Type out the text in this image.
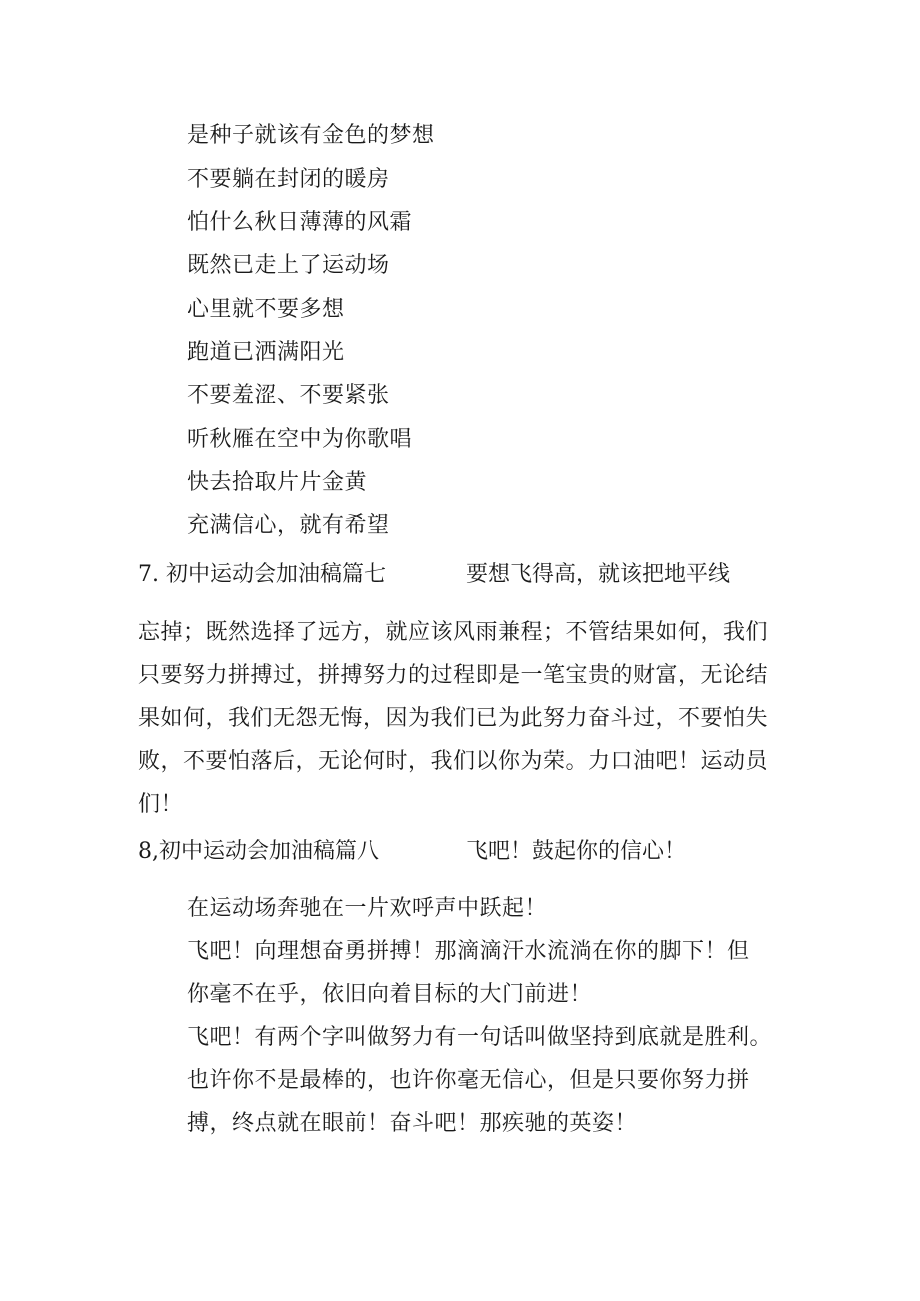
是种子就该有金色的梦想
不要躺在封闭的暖房
怕什么秋日薄薄的风霜
既然已走上了运动场
心里就不要多想
跑道已洒满阳光
不要羞涩、不要紧张
听秋雁在空中为你歌唱
快去拾取片片金黄
充满信心，就有希望
7. 初中运动会加油稿篇七	要想飞得高，就该把地平线
忘掉；既然选择了远方，就应该风雨兼程；不管结果如何，我们
只要努力拼搏过，拼搏努力的过程即是一笔宝贵的财富，无论结
果如何，我们无怨无悔，因为我们已为此努力奋斗过，不要怕失
败，不要怕落后，无论何时，我们以你为荣。力口油吧！运动员
们！
8,初中运动会加油稿篇八	飞吧！鼓起你的信心！
在运动场奔驰在一片欢呼声中跃起！
飞吧！向理想奋勇拼搏！那滴滴汗水流淌在你的脚下！但
你毫不在乎，依旧向着目标的大门前进！
飞吧！有两个字叫做努力有一句话叫做坚持到底就是胜利。
也许你不是最棒的，也许你毫无信心，但是只要你努力拼
搏，终点就在眼前！奋斗吧！那疾驰的英姿！
